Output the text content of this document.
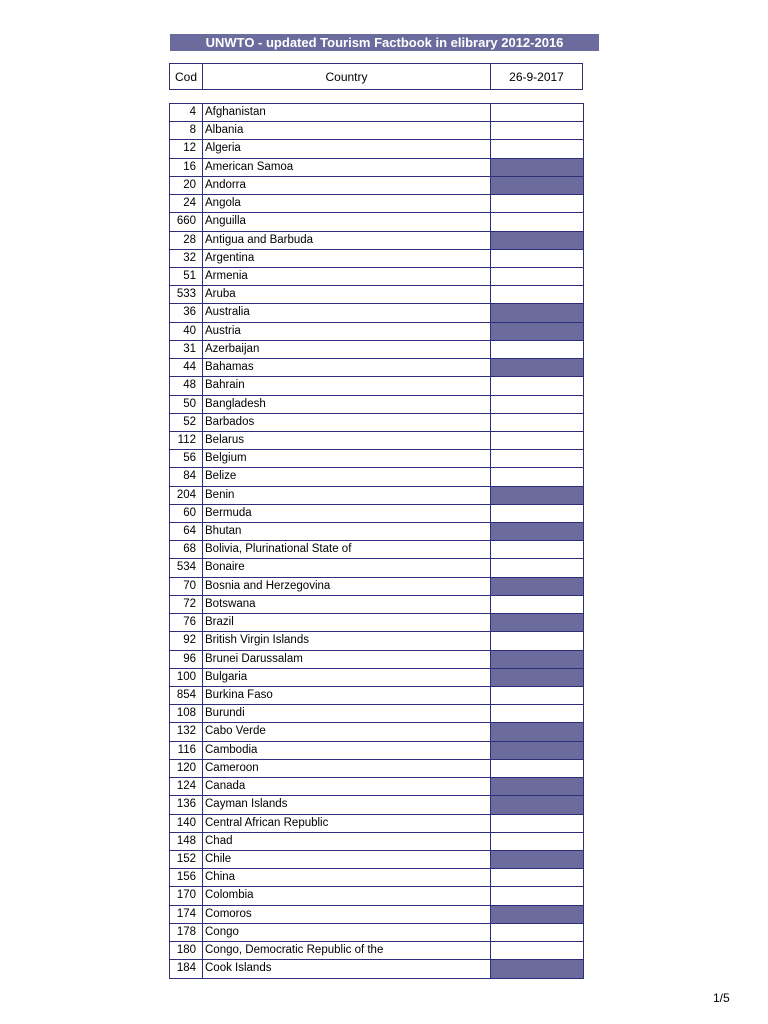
UNWTO - updated Tourism Factbook in elibrary 2012-2016
Cod	Country	26-9-2017
4 Afghanistan
8 Albania
12 Algeria
16 American Samoa
20 Andorra
24 Angola
660 Anguilla
28 Antigua and Barbuda
32 Argentina
51 Armenia
533 Aruba
36 Australia
40 Austria
31 Azerbaijan
44 Bahamas
48 Bahrain
50 Bangladesh
52 Barbados
112 Belarus
56 Belgium
84 Belize
204 Benin
60 Bermuda
64 Bhutan
68 Bolivia, Plurinational State of
534 Bonaire
70 Bosnia and Herzegovina
72 Botswana
76 Brazil
92 British Virgin Islands
96 Brunei Darussalam
100 Bulgaria
854 Burkina Faso
108 Burundi
132 Cabo Verde
116 Cambodia
120 Cameroon
124 Canada
136 Cayman Islands
140 Central African Republic
148 Chad
152 Chile
156 China
170 Colombia
174 Comoros
178 Congo
180 Congo, Democratic Republic of the
184 Cook Islands
1/5
